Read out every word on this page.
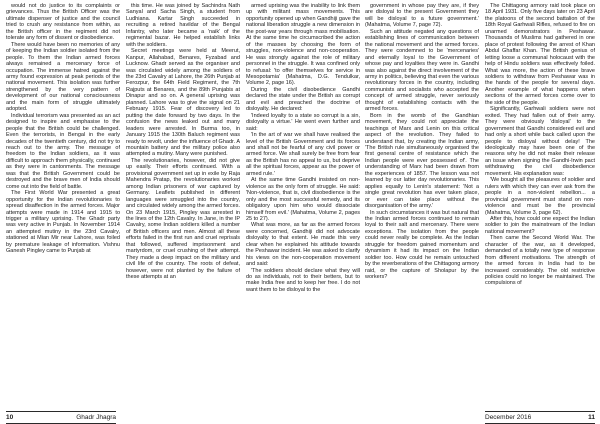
would not do justice to its complaints or grievances. Thus the British Officer was the ultimate dispenser of justice and the council tried to crush any resistance from within, as the British officer in the regiment did not tolerate any form of dissent or disobedience.

There would have been no memories of any of keeping the Indian soldier isolated from the people. To them the Indian armed forces always remained a mercenary force of occupation. The immense hatred against the army found expression at peak periods of the national movement. This isolation was further strengthened by the very pattern of development of our national consciousness and the main form of struggle ultimately adopted.

Individual terrorism was presented as an act designed to inspire and emphasise to the people that the British could be challenged. Even the terrorists, in Bengal in the early decades of the twentieth century, did not try to reach out to the army. The message of freedom to the Indian soldiers, as it was difficult to approach them physically, continued as they were in cantonments. The message was that the British Government could be destroyed and the brave men of India should come out into the field of battle.

The First World War presented a great opportunity for the Indian revolutionaries to spread disaffection in the armed forces. Major attempts were made in 1914 and 1915 to trigger a military uprising. The Ghadr party was very active in Punjab. In November 1914 an attempted mutiny in the 23rd Cavalry, stationed at Mian Mir near Lahore, was foiled by premature leakage of information. Vishnu Ganesh Pingley came to Punjab at

this time. He was joined by Sachindra Nath Sanyal and Sacha Singh, a student from Ludhiana. Kartar Singh succeeded in recruiting a retired havildar of the Bengal Infantry, who later became a 'naik' of the regimental bazar. He helped establish links with the soldiers.

Secret meetings were held at Meerut, Kanpur, Allahabad, Benares, Fyzabad and Lucknow. Ghadr served as the organiser and was circulated widely among the soldiers of the 23rd Cavalry at Lahore, the 26th Punjab at Ferozpur, the 64th Field Regiment, the 7th Rajputs at Benares, and the 89th Punjabis at Dinapur and so on. A general uprising was planned. Lahore was to give the signal on 21 February 1915. Fear of discovery led to putting the date forward by two days. In the confusion the news leaked out and many leaders were arrested. In Burma too, in January 1915 the 130th Baluch regiment was ready to revolt, under the influence of Ghadr. A mountain battery and the military police also attempted a mutiny. Many were punished.

The revolutionaries, however, did not give up easily. Their efforts continued. With a provisional government set up in exile by Raja Mahendra Pratap, the revolutionaries worked among Indian prisoners of war captured by Germany. Leaflets published in different languages were smuggled into the country, and circulated widely among the armed forces. On 23 March 1915, Pingley was arrested in the lines of the 12th Cavalry. In Jane, in the IP Cavalry, some Indian soldiers killed a number of British officers and men. Almost all these efforts failed in the first run and cruel reprisals that followed, suffered imprisonment and martyrdom, or cruel crushing of their attempt. They made a deep impact on the military and civil life of the country. The roots of defeat, however, were not planted by the failure of these attempts at an

armed uprising was the inability to link them up with militant mass movements. This opportunity opened up when Gandhiji gave the national liberation struggle a new dimension in the post-war years through mass mobilisation. At the same time he circumscribed the action of the masses by choosing the form of struggles, non-violence and non-cooperation. He was strongly against the role of military personnel in the struggle. It was confined only to refusal: 'to offer themselves for service in Mesopotamia' (Mahatma, D.G. Tendulkar, Volume 2, page 16).

During the civil disobedience Gandhi declared the state under the British as corrupt and evil and preached the doctrine of disloyalty. He declared:

'Indeed loyalty to a state so corrupt is a sin, disloyalty a virtue.' He went even further and said:

'In the art of war we shall have realised the level of the British Government and its forces and shall not be fearful of any civil power or armed force. We shall surely be free from fear as the British has no appeal to us, but deprive all the spiritual forces, appear as the power of armed rule.'

At the same time Gandhi insisted on non-violence as the only form of struggle. He said: 'Non-violence, that is, civil disobedience is the only and the most successful remedy, and its obligatory upon him who would dissociate himself from evil.' (Mahatma, Volume 2, pages 25 to 27).

What was more, as far as the armed forces were concerned, Gandhiji did not advocate disloyalty to that extent. He made this very clear when he explained his attitude towards the Peshawar incident. He was asked to clarify his views on the non-cooperation movement and said:

'The soldiers should declare what they will do as individuals, not to their betters, but to make India free and to keep her free. I do not want them to be disloyal to the

government in whose pay they are, if they are disloyal to the present Government they will be disloyal to a future government.' (Mahatma, Volume 7, page 72).

Such an attitude negated any questions of establishing lines of communication between the national movement and the armed forces. They were condemned to be 'mercenaries' and eternally loyal to the Government of whose pay and loyalties they were in. Gandhi was also against the direct involvement of the army in politics, believing that even the various revolutionary forces in the country, including communists and socialists who accepted the concept of armed struggle, never seriously thought of establishing contacts with the armed forces.

Born in the womb of the Gandhian movement, they could not appreciate the teachings of Marx and Lenin on this critical aspect of the revolution. They failed to understand that, by creating the Indian army, 'The British rule simultaneously organised the first general centre of resistance which the Indian people were ever possessed of'. The understanding of Marx had been drawn from the experiences of 1857. The lesson was not learned by our latter day revolutionaries. This applies equally to Lenin's statement: 'Not a single great revolution has ever taken place, or ever can take place without the disorganisation of the army.'

In such circumstances it was but natural that the Indian armed forces continued to remain loyal to their salt and mercenary. There were exceptions. The isolation from the people could never really be complete. As the Indian struggle for freedom gained momentum and dynamism it had its impact on the Indian soldier too. How could he remain untouched by the reverberations of the Chittagong armory raid, or the capture of Sholapur by the workers?

The Chittagong armory raid took place on 18 April 1931. Only five days later on 23 April the platoons of the second battalion of the 18th Royal Garhwali Rifles, refused to fire on unarmed demonstrators in Peshawar. Thousands of Muslims had gathered in one place of protest following the arrest of Khan Abdul Ghaffar Khan. The British genius of letting loose a communal holocaust with the help of Hindu soldiers was effectively foiled. What was more, the action of these brave soldiers to withdraw from Peshawar was in the hands of the people for several days. Another example of what happens when sections of the armed forces come over to the side of the people.

Significantly, Garhwali soldiers were not exited. They had fallen out of their army. They were obviously 'disloyal' to the government that Gandhi considered evil and had only a short while back called upon the people to disloyal without delay! The ideologically may have been one of the reasons why he did not make their release an issue when signing the Gandhi-Irwin pact withdrawing the civil disobedience movement. His explanation was:

'We bought all the pleasures of soldier and rulers with which they can ever ask from the people in a non-violent rebellion... a provincial government must stand on non-violence and must be the provincial (Mahatma, Volume 3, page 62).

After this, how could one expect the Indian soldier to join the mainstream of the Indian national movement?

Then came the Second World War. The character of the war, as it developed, demanded of a totally new type of response from different motivations. The strength of the armed forces in India had to be increased considerably. The old restrictive policies could no longer be maintained. The compulsions of

10	Ghadr Jhagra	December 2016	11
